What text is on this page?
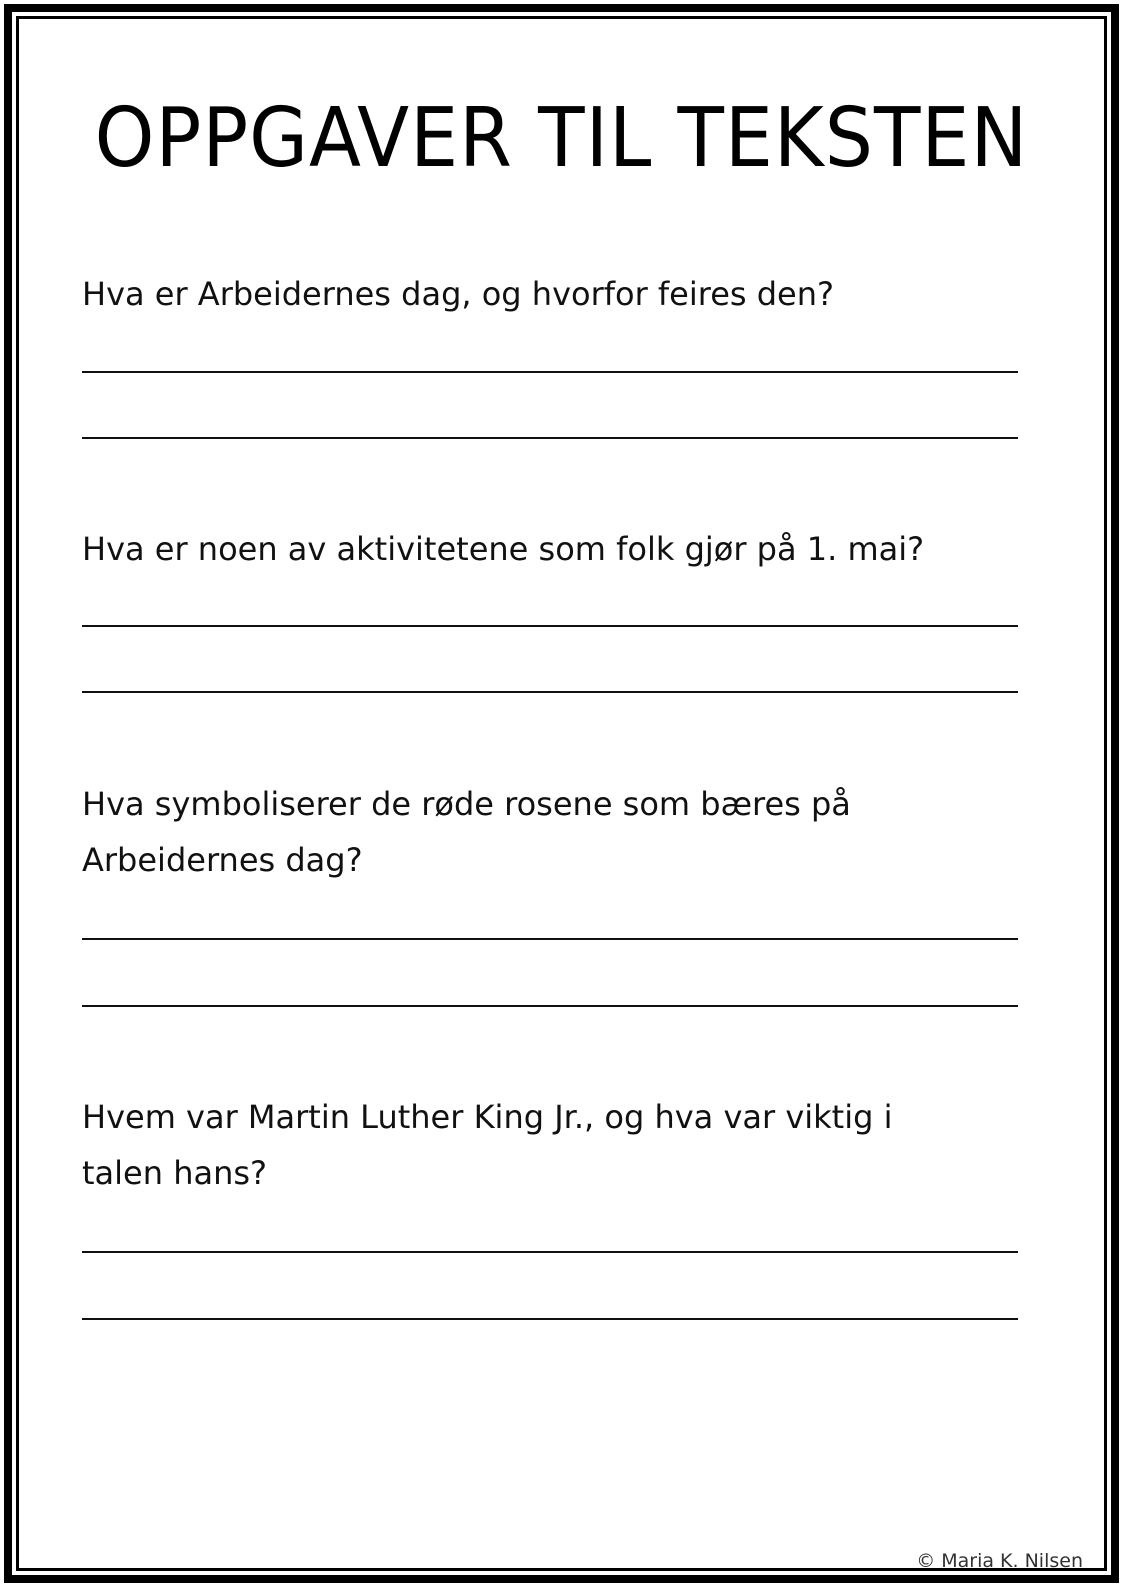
OPPGAVER TIL TEKSTEN
Hva er Arbeidernes dag, og hvorfor feires den?
Hva er noen av aktivitetene som folk gjør på 1. mai?
Hva symboliserer de røde rosene som bæres på Arbeidernes dag?
Hvem var Martin Luther King Jr., og hva var viktig i talen hans?
© Maria K. Nilsen
